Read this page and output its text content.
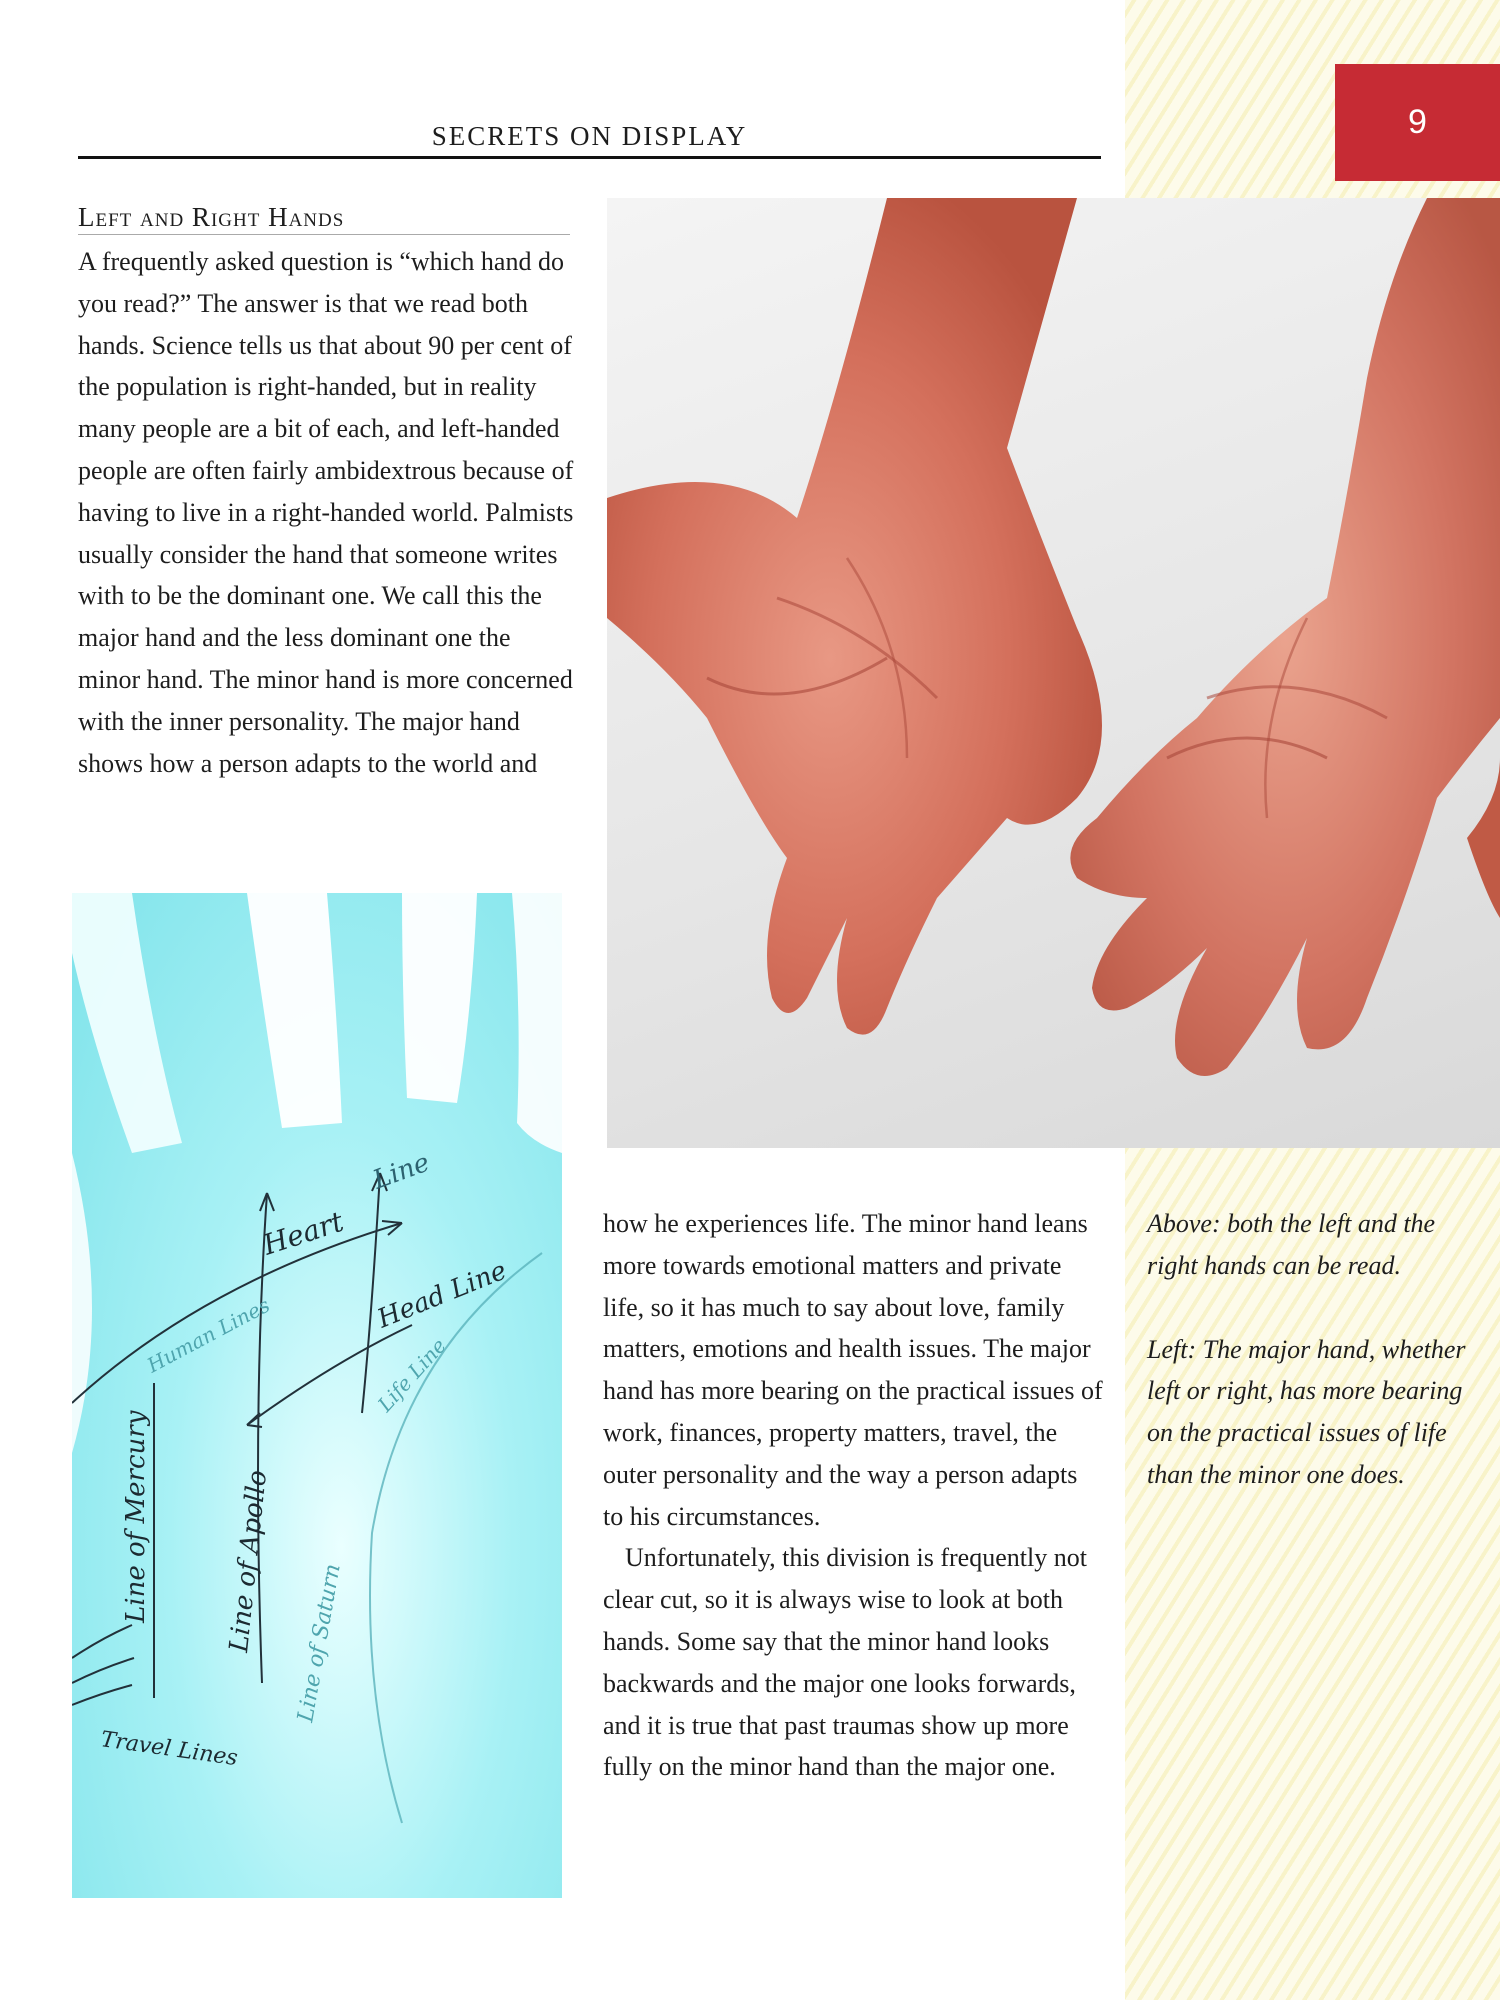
SECRETS ON DISPLAY	9
Left and Right Hands

A frequently asked question is “which hand do you read?” The answer is that we read both hands. Science tells us that about 90 per cent of the population is right-handed, but in reality many people are a bit of each, and left-handed people are often fairly ambidextrous because of having to live in a right-handed world. Palmists usually consider the hand that someone writes with to be the dominant one. We call this the major hand and the less dominant one the minor hand. The minor hand is more concerned with the inner personality. The major hand shows how a person adapts to the world and

Heart
Line
Head Line
Human Lines
Line of Mercury	Line of Apollo Line of Saturn
Life Line
Travel Lines

how he experiences life. The minor hand leans more towards emotional matters and private life, so it has much to say about love, family matters, emotions and health issues. The major hand has more bearing on the practical issues of work, finances, property matters, travel, the outer personality and the way a person adapts to his circumstances.

Unfortunately, this division is frequently not clear cut, so it is always wise to look at both hands. Some say that the minor hand looks backwards and the major one looks forwards, and it is true that past traumas show up more fully on the minor hand than the major one.

Above: both the left and the right hands can be read.

Left: The major hand, whether left or right, has more bearing on the practical issues of life than the minor one does.
